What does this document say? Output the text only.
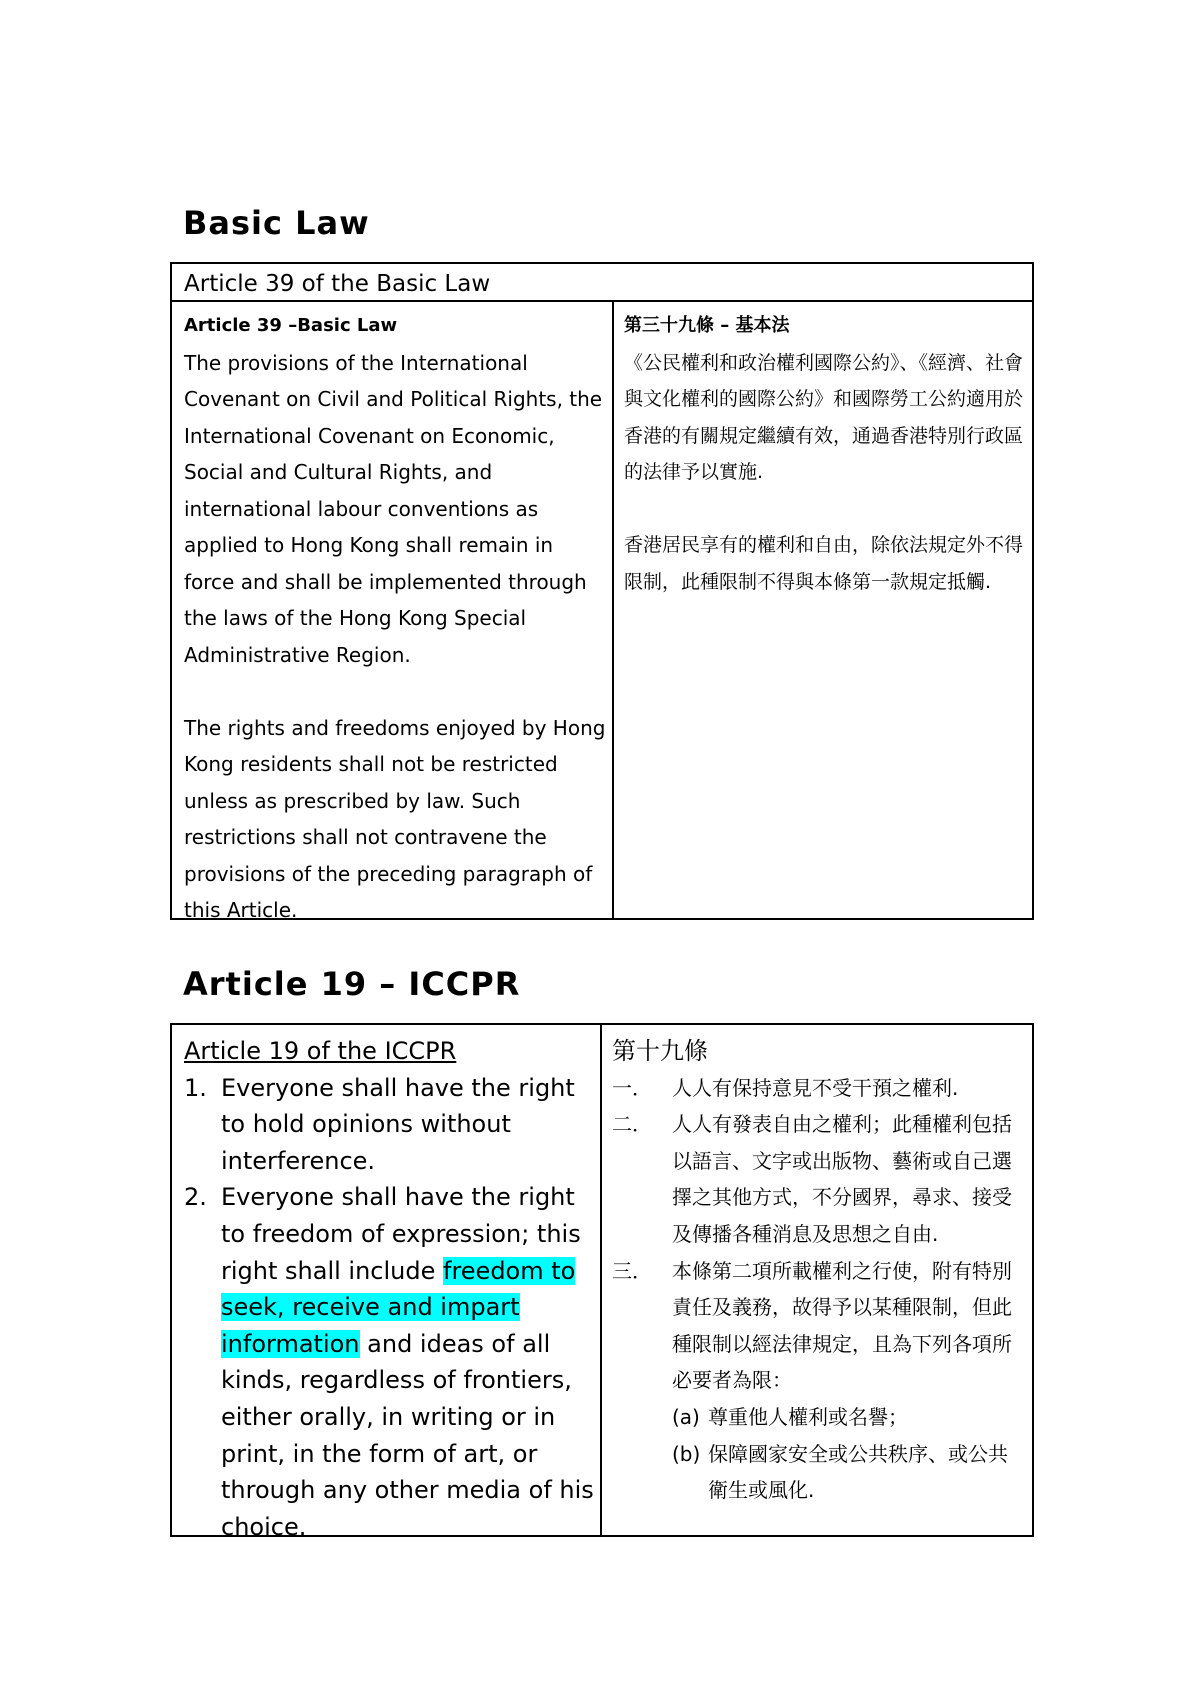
Basic Law
Article 39 of the Basic Law
Article 39 –Basic Law
The provisions of the International Covenant on Civil and Political Rights, the International Covenant on Economic, Social and Cultural Rights, and international labour conventions as applied to Hong Kong shall remain in force and shall be implemented through the laws of the Hong Kong Special Administrative Region.
The rights and freedoms enjoyed by Hong Kong residents shall not be restricted unless as prescribed by law. Such restrictions shall not contravene the provisions of the preceding paragraph of this Article.
第三十九條 – 基本法
《公民權利和政治權利國際公約》、《經濟、社會與文化權利的國際公約》和國際勞工公約適用於香港的有關規定繼續有效，通過香港特別行政區的法律予以實施.
香港居民享有的權利和自由，除依法規定外不得限制，此種限制不得與本條第一款規定抵觸.
Article 19 – ICCPR
Article 19 of the ICCPR
1. Everyone shall have the right to hold opinions without interference.
2. Everyone shall have the right to freedom of expression; this right shall include freedom to seek, receive and impart information and ideas of all kinds, regardless of frontiers, either orally, in writing or in print, in the form of art, or through any other media of his choice.
第十九條
一． 人人有保持意見不受干預之權利.
二． 人人有發表自由之權利；此種權利包括以語言、文字或出版物、藝術或自己選擇之其他方式，不分國界，尋求、接受及傳播各種消息及思想之自由.
三． 本條第二項所載權利之行使，附有特別責任及義務，故得予以某種限制，但此種限制以經法律規定，且為下列各項所必要者為限：
(a) 尊重他人權利或名譽；
(b) 保障國家安全或公共秩序、或公共衛生或風化.
